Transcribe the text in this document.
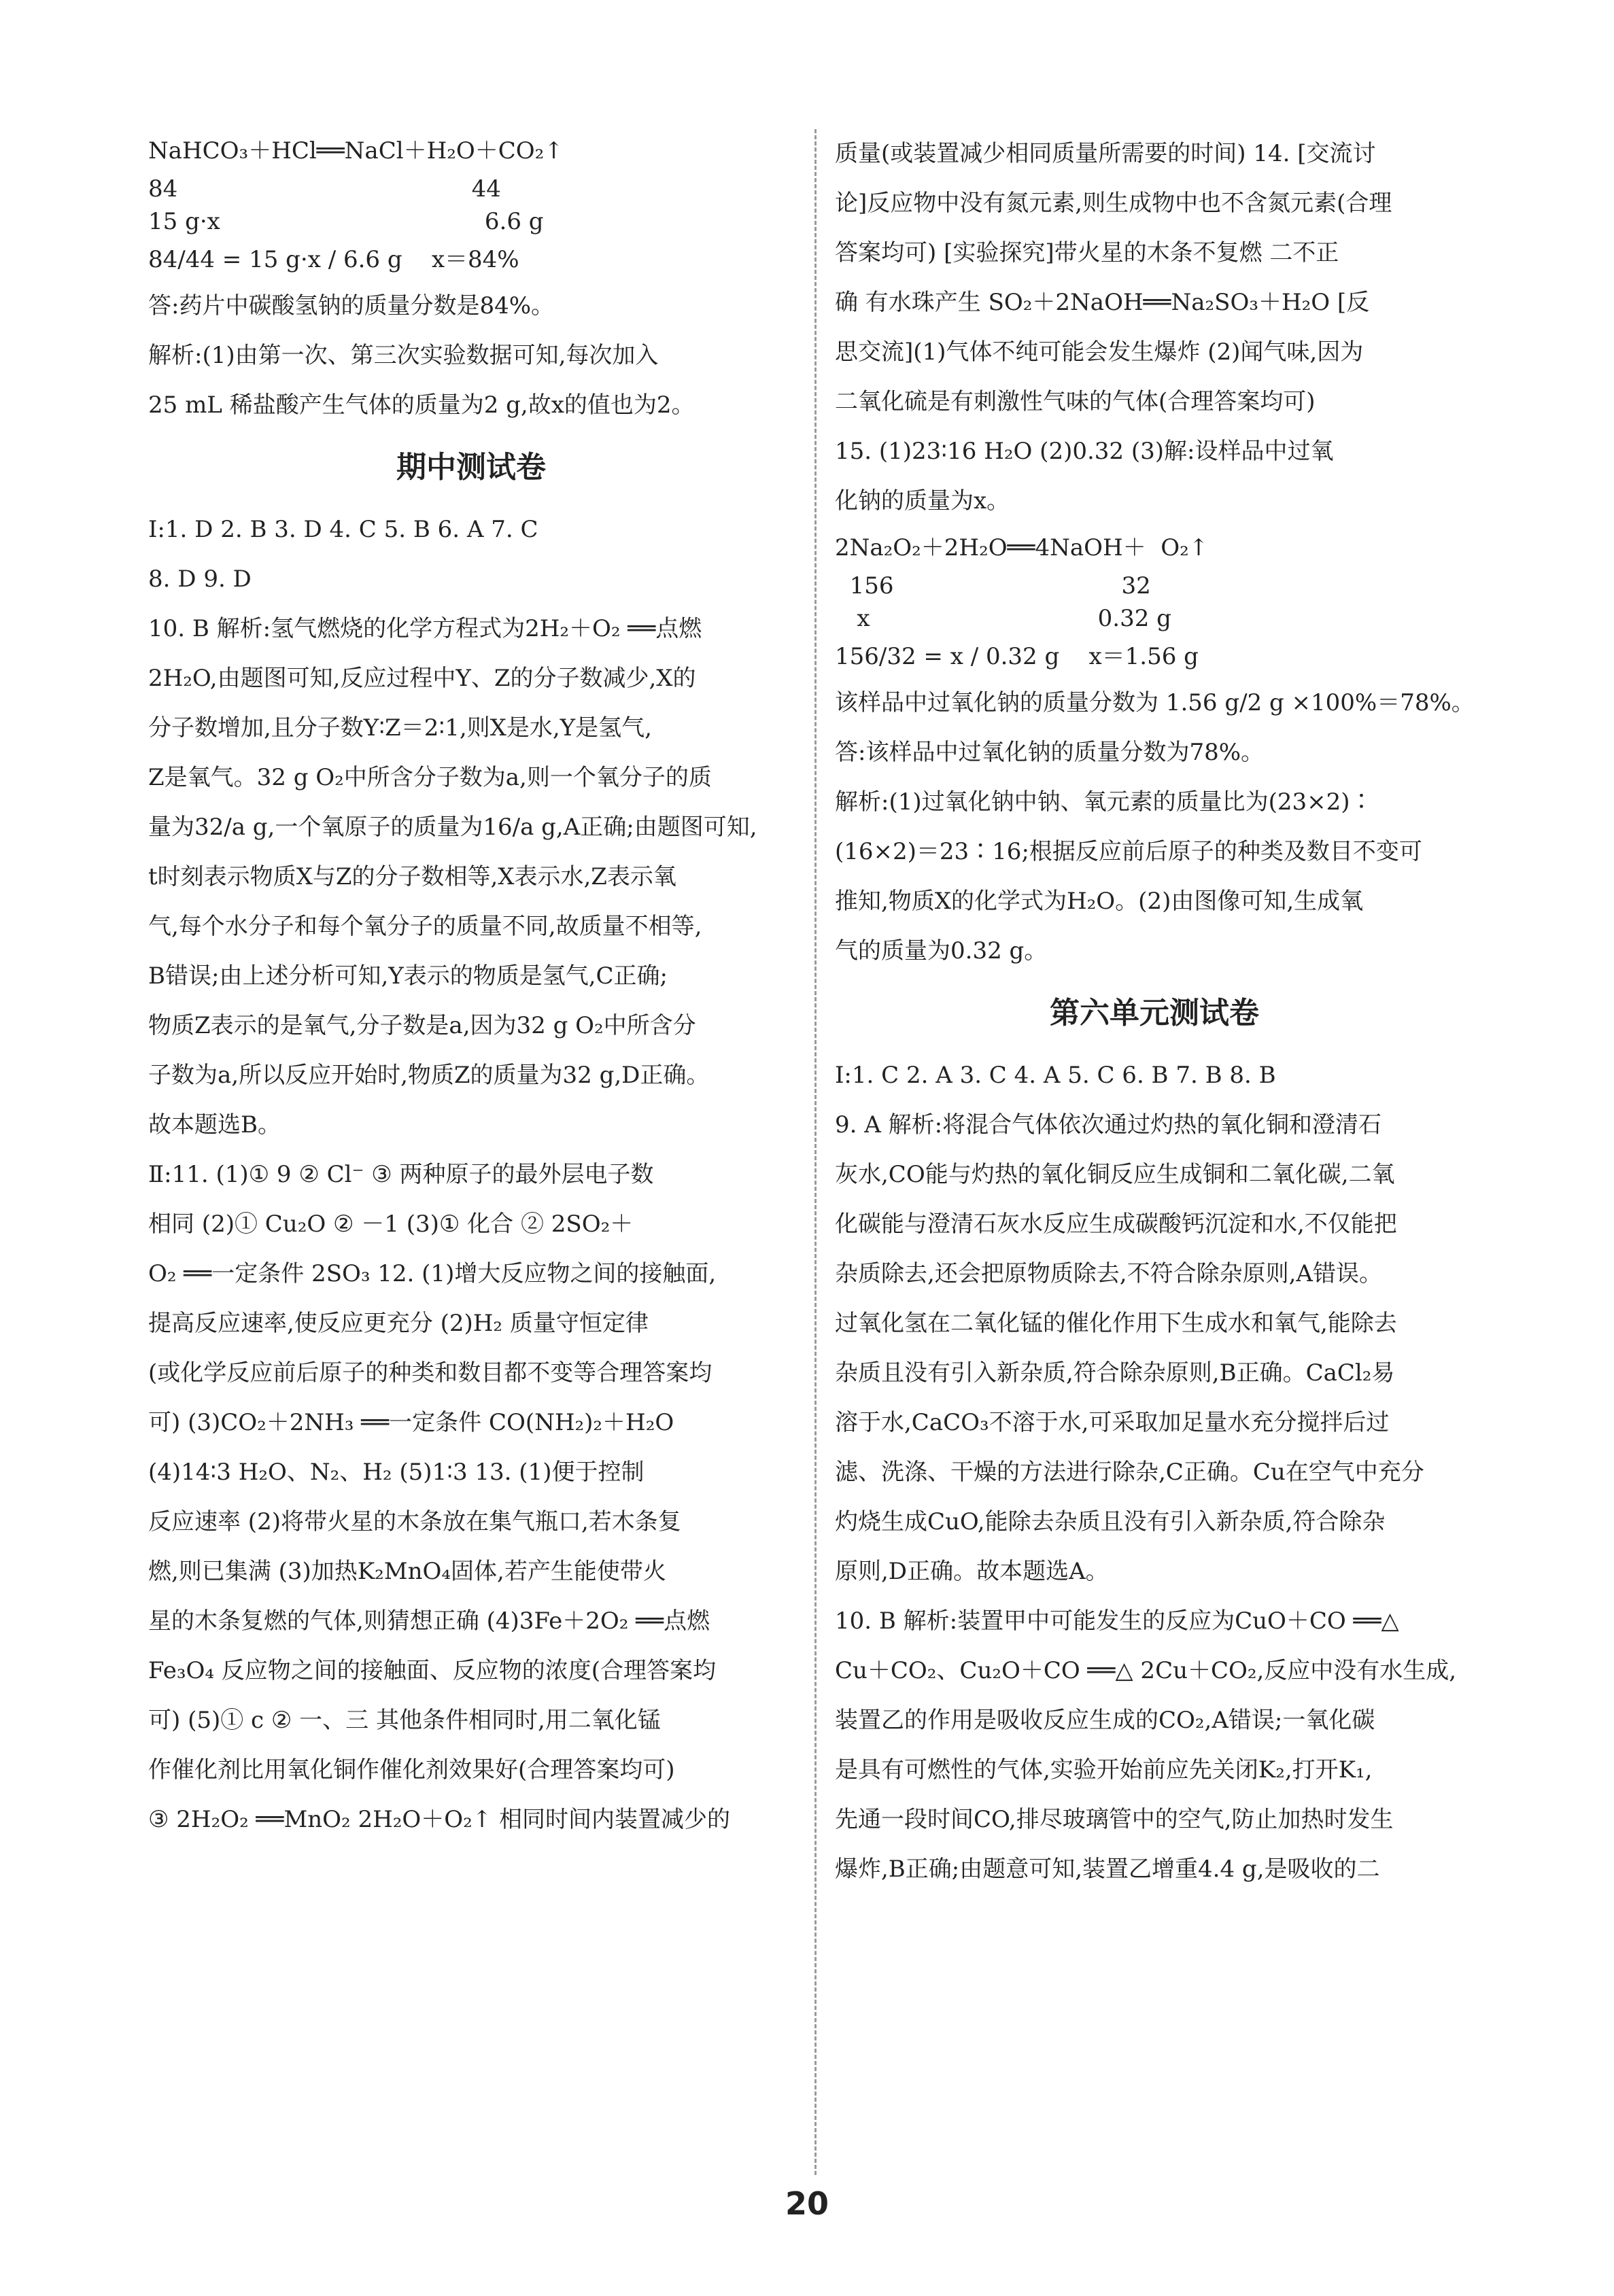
NaHCO₃＋HCl══NaCl＋H₂O＋CO₂↑
84                                        44
15 g·x                                    6.6 g
84/44 = 15 g·x / 6.6 g    x＝84%
答:药片中碳酸氢钠的质量分数是84%。
解析:(1)由第一次、第三次实验数据可知,每次加入
25 mL 稀盐酸产生气体的质量为2 g,故x的值也为2。
期中测试卷
Ⅰ:1. D 2. B 3. D 4. C 5. B 6. A 7. C
8. D 9. D
10. B 解析:氢气燃烧的化学方程式为2H₂＋O₂ ══点燃
2H₂O,由题图可知,反应过程中Y、Z的分子数减少,X的
分子数增加,且分子数Y∶Z＝2∶1,则X是水,Y是氢气,
Z是氧气。32 g O₂中所含分子数为a,则一个氧分子的质
量为32/a g,一个氧原子的质量为16/a g,A正确;由题图可知,
t时刻表示物质X与Z的分子数相等,X表示水,Z表示氧
气,每个水分子和每个氧分子的质量不同,故质量不相等,
B错误;由上述分析可知,Y表示的物质是氢气,C正确;
物质Z表示的是氧气,分子数是a,因为32 g O₂中所含分
子数为a,所以反应开始时,物质Z的质量为32 g,D正确。
故本题选B。
Ⅱ:11. (1)① 9 ② Cl⁻ ③ 两种原子的最外层电子数
相同 (2)① Cu₂O ② －1 (3)① 化合 ② 2SO₂＋
O₂ ══一定条件 2SO₃ 12. (1)增大反应物之间的接触面,
提高反应速率,使反应更充分 (2)H₂ 质量守恒定律
(或化学反应前后原子的种类和数目都不变等合理答案均
可) (3)CO₂＋2NH₃ ══一定条件 CO(NH₂)₂＋H₂O
(4)14∶3 H₂O、N₂、H₂ (5)1∶3 13. (1)便于控制
反应速率 (2)将带火星的木条放在集气瓶口,若木条复
燃,则已集满 (3)加热K₂MnO₄固体,若产生能使带火
星的木条复燃的气体,则猜想正确 (4)3Fe＋2O₂ ══点燃
Fe₃O₄ 反应物之间的接触面、反应物的浓度(合理答案均
可) (5)① c ② 一、三 其他条件相同时,用二氧化锰
作催化剂比用氧化铜作催化剂效果好(合理答案均可)
③ 2H₂O₂ ══MnO₂ 2H₂O＋O₂↑ 相同时间内装置减少的
质量(或装置减少相同质量所需要的时间) 14. [交流讨
论]反应物中没有氮元素,则生成物中也不含氮元素(合理
答案均可) [实验探究]带火星的木条不复燃 二不正
确 有水珠产生 SO₂＋2NaOH══Na₂SO₃＋H₂O [反
思交流](1)气体不纯可能会发生爆炸 (2)闻气味,因为
二氧化硫是有刺激性气味的气体(合理答案均可)
15. (1)23∶16 H₂O (2)0.32 (3)解:设样品中过氧
化钠的质量为x。
2Na₂O₂＋2H₂O══4NaOH＋  O₂↑
156                               32
x                               0.32 g
156/32 = x / 0.32 g    x＝1.56 g
该样品中过氧化钠的质量分数为 1.56 g/2 g ×100%＝78%。
答:该样品中过氧化钠的质量分数为78%。
解析:(1)过氧化钠中钠、氧元素的质量比为(23×2)∶
(16×2)＝23∶16;根据反应前后原子的种类及数目不变可
推知,物质X的化学式为H₂O。(2)由图像可知,生成氧
气的质量为0.32 g。
第六单元测试卷
Ⅰ:1. C 2. A 3. C 4. A 5. C 6. B 7. B 8. B
9. A 解析:将混合气体依次通过灼热的氧化铜和澄清石
灰水,CO能与灼热的氧化铜反应生成铜和二氧化碳,二氧
化碳能与澄清石灰水反应生成碳酸钙沉淀和水,不仅能把
杂质除去,还会把原物质除去,不符合除杂原则,A错误。
过氧化氢在二氧化锰的催化作用下生成水和氧气,能除去
杂质且没有引入新杂质,符合除杂原则,B正确。CaCl₂易
溶于水,CaCO₃不溶于水,可采取加足量水充分搅拌后过
滤、洗涤、干燥的方法进行除杂,C正确。Cu在空气中充分
灼烧生成CuO,能除去杂质且没有引入新杂质,符合除杂
原则,D正确。故本题选A。
10. B 解析:装置甲中可能发生的反应为CuO＋CO ══△
Cu＋CO₂、Cu₂O＋CO ══△ 2Cu＋CO₂,反应中没有水生成,
装置乙的作用是吸收反应生成的CO₂,A错误;一氧化碳
是具有可燃性的气体,实验开始前应先关闭K₂,打开K₁,
先通一段时间CO,排尽玻璃管中的空气,防止加热时发生
爆炸,B正确;由题意可知,装置乙增重4.4 g,是吸收的二
20
